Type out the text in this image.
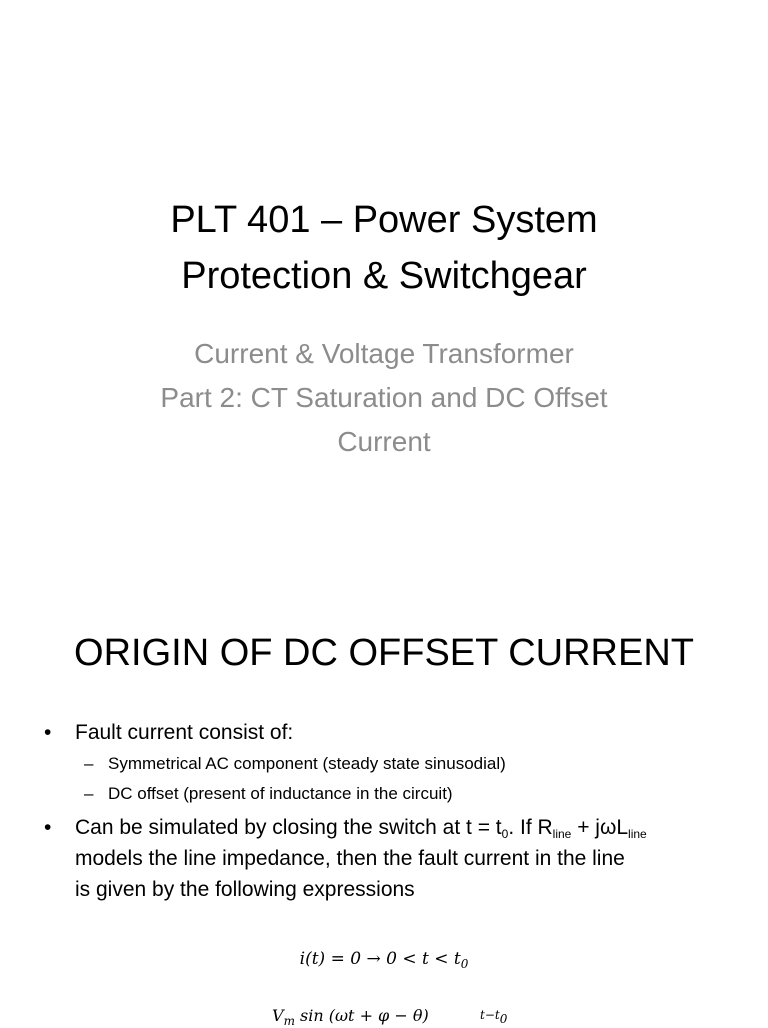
PLT 401 – Power System
Protection & Switchgear
Current & Voltage Transformer
Part 2: CT Saturation and DC Offset
Current
ORIGIN OF DC OFFSET CURRENT
•	Fault current consist of:
– Symmetrical AC component (steady state sinusodial)
– DC offset (present of inductance in the circuit)
•	Can be simulated by closing the switch at $t = t_0$. If $R_{line} + j\omega L_{line}$
models the line impedance, then the fault current in the line
is given by the following expressions
$i(t) = 0 \to 0 < t < t_0$
$V_m$ sin (ωt + φ − θ)	$t-t_0$
